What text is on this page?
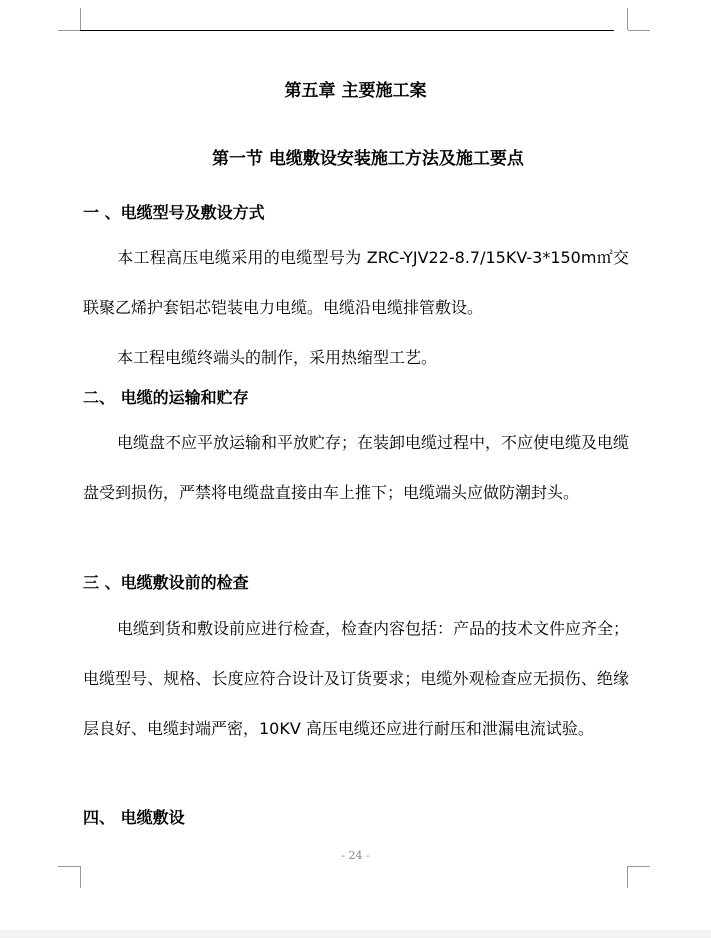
第五章 主要施工案
第一节 电缆敷设安装施工方法及施工要点
一 、电缆型号及敷设方式

本工程高压电缆采用的电缆型号为 ZRC-YJV22-8.7/15KV-3*150m㎡交联聚乙烯护套铝芯铠装电力电缆。电缆沿电缆排管敷设。

本工程电缆终端头的制作，采用热缩型工艺。

二、 电缆的运输和贮存

电缆盘不应平放运输和平放贮存；在装卸电缆过程中，不应使电缆及电缆盘受到损伤，严禁将电缆盘直接由车上推下；电缆端头应做防潮封头。

三 、电缆敷设前的检查

电缆到货和敷设前应进行检查，检查内容包括：产品的技术文件应齐全；电缆型号、规格、长度应符合设计及订货要求；电缆外观检查应无损伤、绝缘层良好、电缆封端严密，10KV 高压电缆还应进行耐压和泄漏电流试验。

四、 电缆敷设
- 24 -
